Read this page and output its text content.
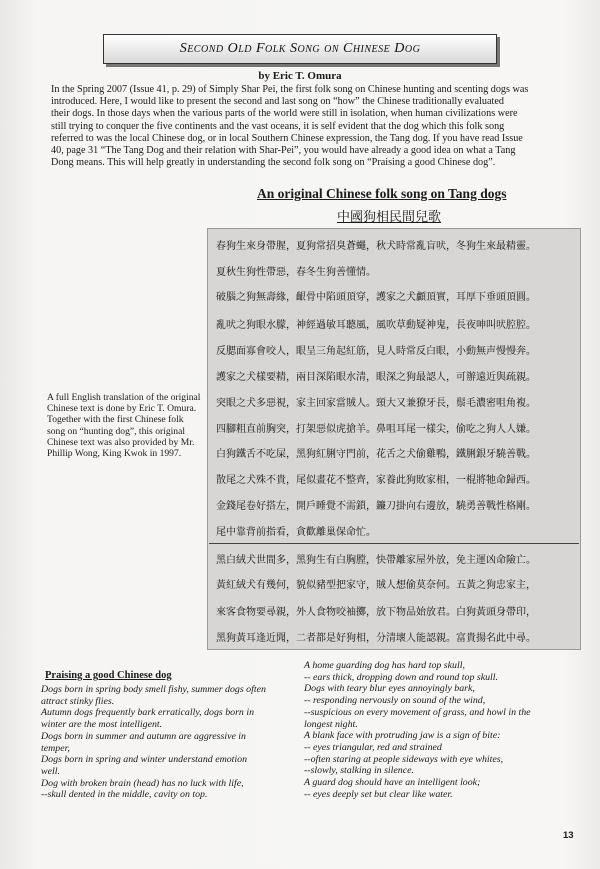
Second Old Folk Song on Chinese Dog
by Eric T. Omura
In the Spring 2007 (Issue 41, p. 29) of Simply Shar Pei, the first folk song on Chinese hunting and scenting dogs was
introduced. Here, I would like to present the second and last song on “how” the Chinese traditionally evaluated
their dogs. In those days when the various parts of the world were still in isolation, when human civilizations were
still trying to conquer the five continents and the vast oceans, it is self evident that the dog which this folk song
referred to was the local Chinese dog, or in local Southern Chinese expression, the Tang dog. If you have read Issue
40, page 31 “The Tang Dog and their relation with Shar-Pei”, you would have already a good idea on what a Tang
Dong means. This will help greatly in understanding the second folk song on “Praising a good Chinese dog”.
An original Chinese folk song on Tang dogs
中國狗相民間兒歌
春狗生來身帶腥，夏狗常招臭蒼蠅，秋犬時常亂盲吠，冬狗生來最精靈。
夏秋生狗性帶惡，春冬生狗善懂情。
破腦之狗無壽緣，齦骨中陷頭頂穿，護家之犬顱頂實，耳厚下垂頭頂圓。
亂吠之狗眼水朦，神經過敏耳聽風，風吹草動疑神鬼，長夜呻叫吠腔腔。
反腮面寡會咬人，眼呈三角起紅筋，見人時常反白眼，小動無声慢慢奔。
護家之犬樣要精，兩目深陷眼水清，眼深之狗最認人，可辦遠近與疏親。
突眼之犬多惡視，家主回家當賊人。頸大又兼獠牙長，鬃毛濃密咀角複。
四腳粗直前胸突，打架惡似虎搶羊。鼻咀耳尾一樣尖，偷吃之狗人人嫌。
白狗鐵舌不吃屎，黑狗紅脷守門前，花舌之犬偷雞鴨，鐵脷銀牙驍善戰。
散尾之犬殊不貴，尾似畫花不整齊，家養此狗敗家相，一棍將牠命歸西。
金錢尾卷好搭左，開戶睡覺不需鎖，鐮刀掛向右邊放，驍勇善戰性格剛。
尾中靠背前指看，貪歡離巢保命忙。
黑白絨犬世間多，黑狗生有白胸膛，快帶離家屋外放，免主運凶命險亡。
黃紅絨犬有幾何，貌似豬型把家守，賊人想偷莫奈何。五黃之狗忠家主，
來客食物要尋親，外人食物咬袖擲，放下物品始放君。白狗黃頭身帶印，
黑狗黃耳逢近聞，二者都是好狗相，分清壞人能認親。富貴揚名此中尋。
A full English translation of the original Chinese text is done by Eric T. Omura. Together with the first Chinese folk song on “hunting dog”, this original Chinese text was also provided by Mr. Phillip Wong, King Kwok in 1997.
Praising a good Chinese dog
Dogs born in spring body smell fishy, summer dogs often
attract stinky flies.
Autumn dogs frequently bark erratically, dogs born in
winter are the most intelligent.
Dogs born in summer and autumn are aggressive in
temper,
Dogs born in spring and winter understand emotion
well.
Dog with broken brain (head) has no luck with life,
--skull dented in the middle, cavity on top.
A home guarding dog has hard top skull,
-- ears thick, dropping down and round top skull.
Dogs with teary blur eyes annoyingly bark,
-- responding nervously on sound of the wind,
--suspicious on every movement of grass, and howl in the
longest night.
A blank face with protruding jaw is a sign of bite:
-- eyes triangular, red and strained
--often staring at people sideways with eye whites,
--slowly, stalking in silence.
A guard dog should have an intelligent look;
-- eyes deeply set but clear like water.
13
